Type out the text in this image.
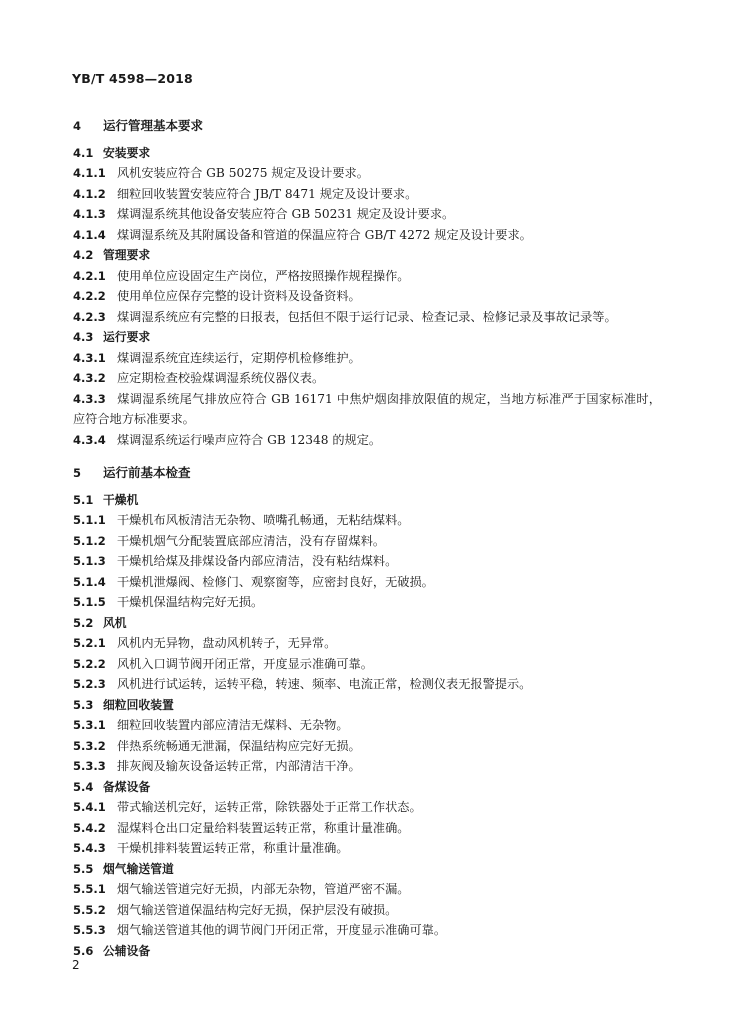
YB/T 4598—2018
4 运行管理基本要求
4.1 安装要求
4.1.1 风机安装应符合 GB 50275 规定及设计要求。
4.1.2 细粒回收装置安装应符合 JB/T 8471 规定及设计要求。
4.1.3 煤调湿系统其他设备安装应符合 GB 50231 规定及设计要求。
4.1.4 煤调湿系统及其附属设备和管道的保温应符合 GB/T 4272 规定及设计要求。
4.2 管理要求
4.2.1 使用单位应设固定生产岗位，严格按照操作规程操作。
4.2.2 使用单位应保存完整的设计资料及设备资料。
4.2.3 煤调湿系统应有完整的日报表，包括但不限于运行记录、检查记录、检修记录及事故记录等。
4.3 运行要求
4.3.1 煤调湿系统宜连续运行，定期停机检修维护。
4.3.2 应定期检查校验煤调湿系统仪器仪表。
4.3.3 煤调湿系统尾气排放应符合 GB 16171 中焦炉烟囱排放限值的规定，当地方标准严于国家标准时，应符合地方标准要求。
4.3.4 煤调湿系统运行噪声应符合 GB 12348 的规定。
5 运行前基本检查
5.1 干燥机
5.1.1 干燥机布风板清洁无杂物、喷嘴孔畅通，无粘结煤料。
5.1.2 干燥机烟气分配装置底部应清洁，没有存留煤料。
5.1.3 干燥机给煤及排煤设备内部应清洁，没有粘结煤料。
5.1.4 干燥机泄爆阀、检修门、观察窗等，应密封良好，无破损。
5.1.5 干燥机保温结构完好无损。
5.2 风机
5.2.1 风机内无异物，盘动风机转子，无异常。
5.2.2 风机入口调节阀开闭正常，开度显示准确可靠。
5.2.3 风机进行试运转，运转平稳，转速、频率、电流正常，检测仪表无报警提示。
5.3 细粒回收装置
5.3.1 细粒回收装置内部应清洁无煤料、无杂物。
5.3.2 伴热系统畅通无泄漏，保温结构应完好无损。
5.3.3 排灰阀及输灰设备运转正常，内部清洁干净。
5.4 备煤设备
5.4.1 带式输送机完好，运转正常，除铁器处于正常工作状态。
5.4.2 湿煤料仓出口定量给料装置运转正常，称重计量准确。
5.4.3 干燥机排料装置运转正常，称重计量准确。
5.5 烟气输送管道
5.5.1 烟气输送管道完好无损，内部无杂物，管道严密不漏。
5.5.2 烟气输送管道保温结构完好无损，保护层没有破损。
5.5.3 烟气输送管道其他的调节阀门开闭正常，开度显示准确可靠。
5.6 公辅设备
2
